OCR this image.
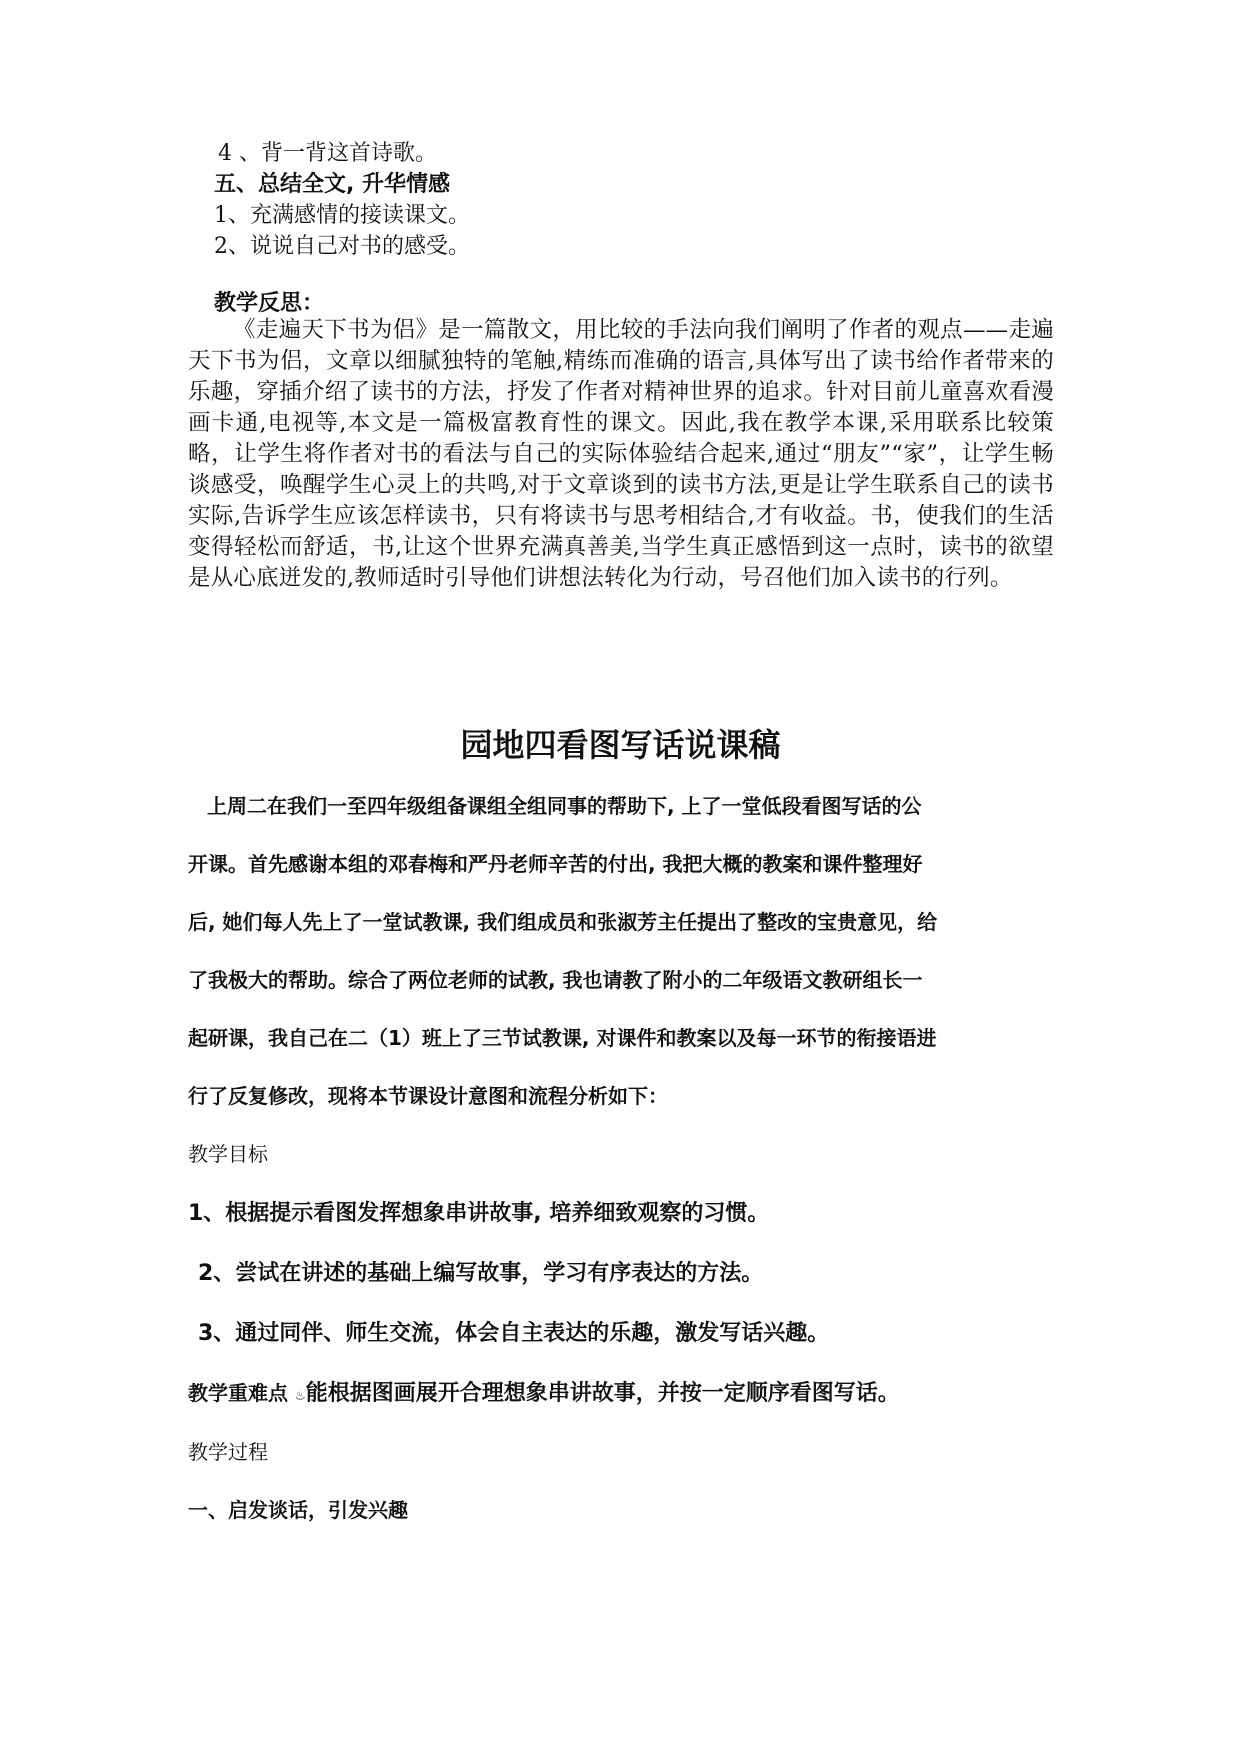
4 、背一背这首诗歌。

五、总结全文, 升华情感

1、充满感情的接读课文。

2、说说自己对书的感受。

教学反思：

《走遍天下书为侣》是一篇散文，用比较的手法向我们阐明了作者的观点——走遍天下书为侣，文章以细腻独特的笔触,精练而准确的语言,具体写出了读书给作者带来的乐趣，穿插介绍了读书的方法，抒发了作者对精神世界的追求。针对目前儿童喜欢看漫画卡通,电视等,本文是一篇极富教育性的课文。因此,我在教学本课,采用联系比较策略，让学生将作者对书的看法与自己的实际体验结合起来,通过“朋友”“家”，让学生畅谈感受，唤醒学生心灵上的共鸣,对于文章谈到的读书方法,更是让学生联系自己的读书实际,告诉学生应该怎样读书，只有将读书与思考相结合,才有收益。书，使我们的生活变得轻松而舒适，书,让这个世界充满真善美,当学生真正感悟到这一点时，读书的欲望是从心底迸发的,教师适时引导他们讲想法转化为行动，号召他们加入读书的行列。

园地四看图写话说课稿

上周二在我们一至四年级组备课组全组同事的帮助下, 上了一堂低段看图写话的公

开课。首先感谢本组的邓春梅和严丹老师辛苦的付出, 我把大概的教案和课件整理好

后, 她们每人先上了一堂试教课, 我们组成员和张淑芳主任提出了整改的宝贵意见，给

了我极大的帮助。综合了两位老师的试教, 我也请教了附小的二年级语文教研组长一

起研课，我自己在二（1）班上了三节试教课, 对课件和教案以及每一环节的衔接语进

行了反复修改，现将本节课设计意图和流程分析如下：

教学目标

1、根据提示看图发挥想象串讲故事, 培养细致观察的习惯。

2、尝试在讲述的基础上编写故事，学习有序表达的方法。

3、通过同伴、师生交流，体会自主表达的乐趣，激发写话兴趣。

教学重难点 ♨能根据图画展开合理想象串讲故事，并按一定顺序看图写话。

教学过程

一、启发谈话，引发兴趣
